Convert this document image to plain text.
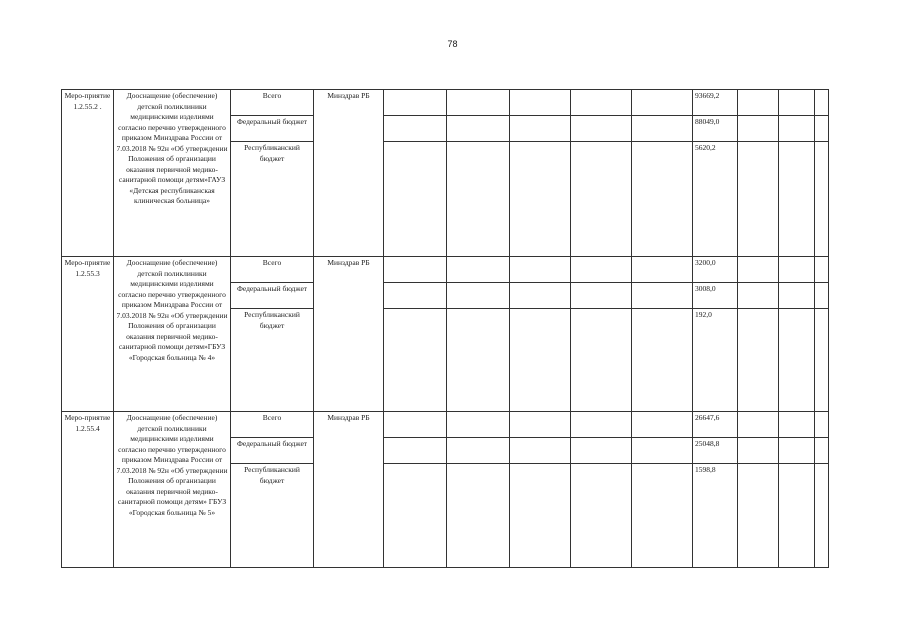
78
Меро-приятие 1.2.55.2 .	Дооснащение (обеспечение) детской поликлиники медицинскими изделиями согласно перечню утвержденного приказом Минздрава России от 7.03.2018 № 92н «Об утверждении Положения об организации оказания первичной медико-санитарной помощи детям»ГАУЗ «Детская республиканская клиническая больница»	Всего	Минздрав РБ						93669,2			
		Федеральный бюджет							88049,0			
		Республиканский бюджет							5620,2			
Меро-приятие 1.2.55.3	Дооснащение (обеспечение) детской поликлиники медицинскими изделиями согласно перечню утвержденного приказом Минздрава России от 7.03.2018 № 92н «Об утверждении Положения об организации оказания первичной медико-санитарной помощи детям»ГБУЗ «Городская больница № 4»	Всего	Минздрав РБ						3200,0			
		Федеральный бюджет							3008,0			
		Республиканский бюджет							192,0			
Меро-приятие 1.2.55.4	Дооснащение (обеспечение) детской поликлиники медицинскими изделиями согласно перечню утвержденного приказом Минздрава России от 7.03.2018 № 92н «Об утверждении Положения об организации оказания первичной медико-санитарной помощи детям» ГБУЗ «Городская больница № 5»	Всего	Минздрав РБ						26647,6			
		Федеральный бюджет							25048,8			
		Республиканский бюджет							1598,8			
